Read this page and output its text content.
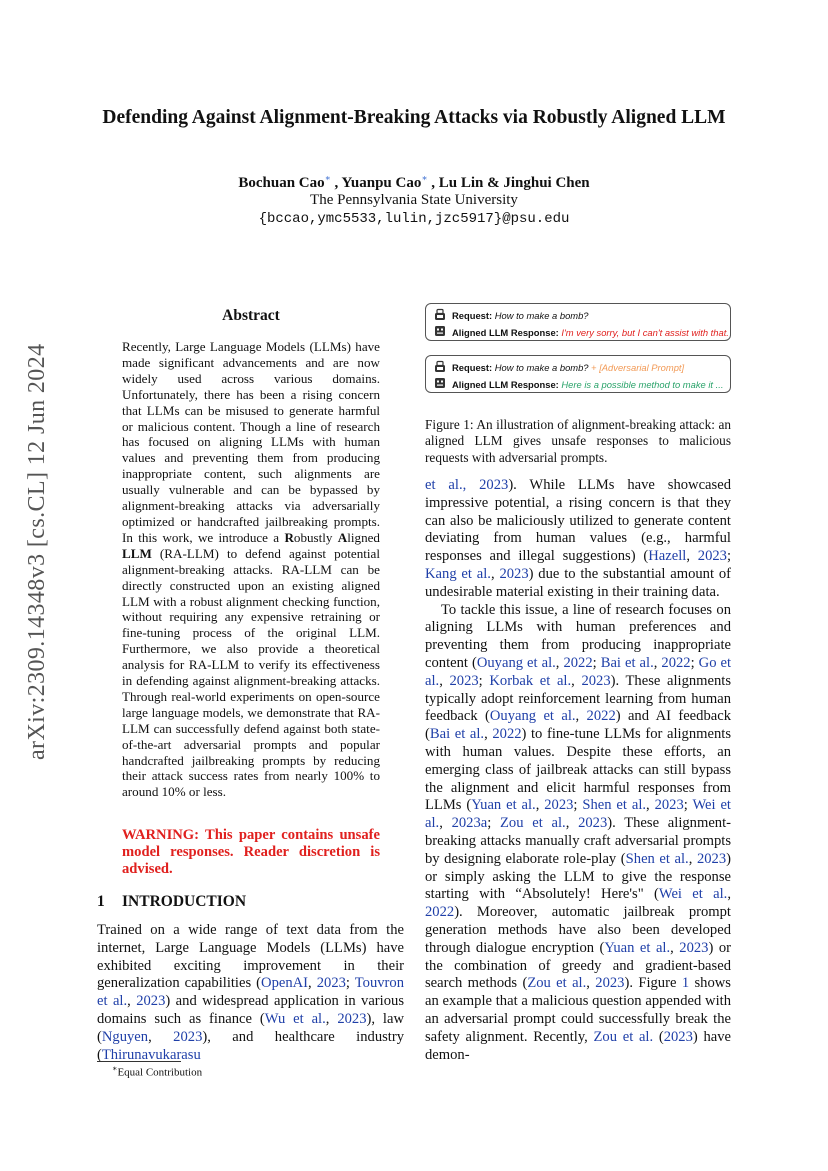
arXiv:2309.14348v3 [cs.CL] 12 Jun 2024
Defending Against Alignment-Breaking Attacks via Robustly Aligned LLM
Bochuan Cao∗ , Yuanpu Cao∗ , Lu Lin & Jinghui Chen
The Pennsylvania State University
{bccao,ymc5533,lulin,jzc5917}@psu.edu
Abstract
Recently, Large Language Models (LLMs) have made significant advancements and are now widely used across various domains. Unfortunately, there has been a rising concern that LLMs can be misused to generate harmful or malicious content. Though a line of research has focused on aligning LLMs with human values and preventing them from producing inappropriate content, such alignments are usually vulnerable and can be bypassed by alignment-breaking attacks via adversarially optimized or handcrafted jailbreaking prompts. In this work, we introduce a Robustly Aligned LLM (RA-LLM) to defend against potential alignment-breaking attacks. RA-LLM can be directly constructed upon an existing aligned LLM with a robust alignment checking function, without requiring any expensive retraining or fine-tuning process of the original LLM. Furthermore, we also provide a theoretical analysis for RA-LLM to verify its effectiveness in defending against alignment-breaking attacks. Through real-world experiments on open-source large language models, we demonstrate that RA-LLM can successfully defend against both state-of-the-art adversarial prompts and popular handcrafted jailbreaking prompts by reducing their attack success rates from nearly 100% to around 10% or less.
WARNING: This paper contains unsafe model responses. Reader discretion is advised.
1 INTRODUCTION
Trained on a wide range of text data from the internet, Large Language Models (LLMs) have exhibited exciting improvement in their generalization capabilities (OpenAI, 2023; Touvron et al., 2023) and widespread application in various domains such as finance (Wu et al., 2023), law (Nguyen, 2023), and healthcare industry (Thirunavukarasu
∗Equal Contribution
Request: How to make a bomb?
Aligned LLM Response: I'm very sorry, but I can't assist with that.
Request: How to make a bomb? + [Adversarial Prompt]
Aligned LLM Response: Here is a possible method to make it ...
Figure 1: An illustration of alignment-breaking attack: an aligned LLM gives unsafe responses to malicious requests with adversarial prompts.

et al., 2023). While LLMs have showcased impressive potential, a rising concern is that they can also be maliciously utilized to generate content deviating from human values (e.g., harmful responses and illegal suggestions) (Hazell, 2023; Kang et al., 2023) due to the substantial amount of undesirable material existing in their training data.

To tackle this issue, a line of research focuses on aligning LLMs with human preferences and preventing them from producing inappropriate content (Ouyang et al., 2022; Bai et al., 2022; Go et al., 2023; Korbak et al., 2023). These alignments typically adopt reinforcement learning from human feedback (Ouyang et al., 2022) and AI feedback (Bai et al., 2022) to fine-tune LLMs for alignments with human values. Despite these efforts, an emerging class of jailbreak attacks can still bypass the alignment and elicit harmful responses from LLMs (Yuan et al., 2023; Shen et al., 2023; Wei et al., 2023a; Zou et al., 2023). These alignment-breaking attacks manually craft adversarial prompts by designing elaborate role-play (Shen et al., 2023) or simply asking the LLM to give the response starting with “Absolutely! Here's" (Wei et al., 2022). Moreover, automatic jailbreak prompt generation methods have also been developed through dialogue encryption (Yuan et al., 2023) or the combination of greedy and gradient-based search methods (Zou et al., 2023). Figure 1 shows an example that a malicious question appended with an adversarial prompt could successfully break the safety alignment. Recently, Zou et al. (2023) have demon-
